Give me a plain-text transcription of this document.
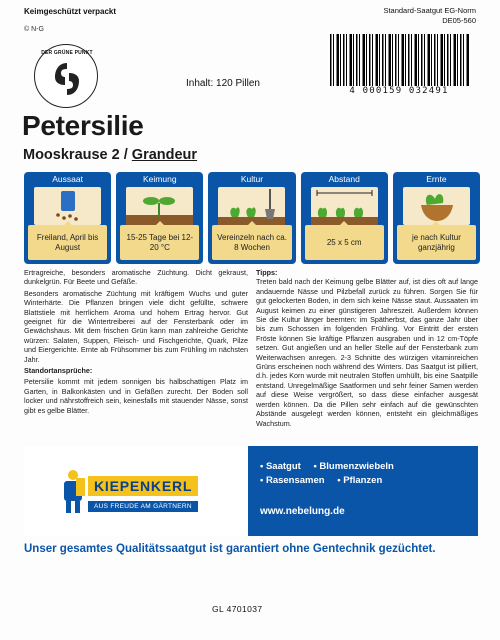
Keimgeschützt verpackt	Standard-Saatgut EG-Norm
DE05-560
© N-G
DER GRÜNE PUNKT
Inhalt: 120 Pillen
4 000159 032491
Petersilie
Mooskrause 2 / Grandeur
Aussaat
Freiland, April bis August
Keimung
15-25 Tage bei 12-20 °C
Kultur
Vereinzeln nach ca. 8 Wochen
Abstand
25 x 5 cm
Ernte
je nach Kultur ganzjährig

Ertragreiche, besonders aromatische Züchtung. Dicht gekraust, dunkelgrün. Für Beete und Gefäße.

Besonders aromatische Züchtung mit kräftigem Wuchs und guter Winterhärte. Die Pflanzen bringen viele dicht gefüllte, schwere Blattstiele mit herrlichem Aroma und hohem Ertrag hervor. Gut geeignet für die Wintertreiberei auf der Fensterbank oder im Gewächshaus. Mit dem frischen Grün kann man zahlreiche Gerichte würzen: Salaten, Suppen, Fleisch- und Fischgerichte, Quark, Pilze und Eiergerichte. Ernte ab Frühsommer bis zum Frühling im nächsten Jahr.

Standortansprüche:

Petersilie kommt mit jedem sonnigen bis halbschattigen Platz im Garten, in Balkonkästen und in Gefäßen zurecht. Der Boden soll locker und nährstoffreich sein, keinesfalls mit stauender Nässe, sonst gibt es gelbe Blätter.

Tipps:
Treten bald nach der Keimung gelbe Blätter auf, ist dies oft auf lange andauernde Nässe und Pilzbefall zurück zu führen. Sorgen Sie für gut gelockerten Boden, in dem sich keine Nässe staut. Aussaaten im August keimen zu einer günstigeren Jahreszeit. Außerdem können Sie die Kultur länger beernten: im Spätherbst, das ganze Jahr über bis zum Schossen im folgenden Frühling. Vor Eintritt der ersten Fröste können Sie kräftige Pflanzen ausgraben und in 12 cm-Töpfe setzen. Gut angießen und an heller Stelle auf der Fensterbank zum Weiterwachsen anregen. 2-3 Schnitte des würzigen vitaminreichen Grüns erscheinen noch während des Winters. Das Saatgut ist pilliert, d.h. jedes Korn wurde mit neutralen Stoffen umhüllt, bis eine Saatpille entstand. Unregelmäßige Saatformen und sehr feiner Samen werden auf diese Weise vergrößert, so dass diese einfacher ausgesät werden können. Da die Pillen sehr einfach auf die gewünschten Abstände ausgelegt werden können, entsteht ein gleichmäßiges Wachstum.
KIEPENKERL
AUS FREUDE AM GÄRTNERN
• Saatgut • Blumenzwiebeln
• Rasensamen • Pflanzen
www.nebelung.de
Unser gesamtes Qualitätssaatgut ist garantiert ohne Gentechnik gezüchtet.
GL 4701037
